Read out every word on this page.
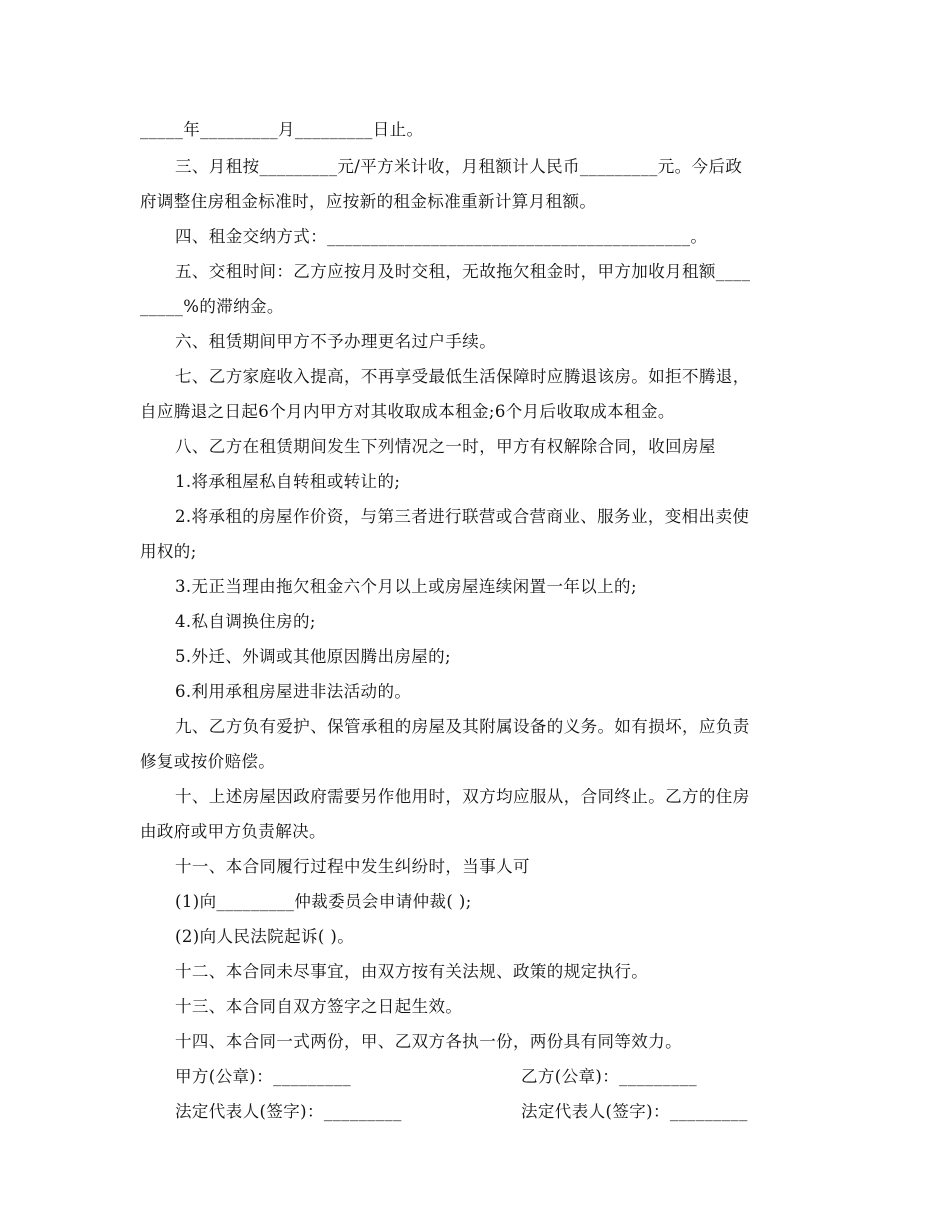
_____年_________月_________日止。
三、月租按_________元/平方米计收，月租额计人民币_________元。今后政
府调整住房租金标准时，应按新的租金标准重新计算月租额。
四、租金交纳方式：__________________________________________。
五、交租时间：乙方应按月及时交租，无故拖欠租金时，甲方加收月租额____
_____%的滞纳金。
六、租赁期间甲方不予办理更名过户手续。
七、乙方家庭收入提高，不再享受最低生活保障时应腾退该房。如拒不腾退，
自应腾退之日起6个月内甲方对其收取成本租金;6个月后收取成本租金。
八、乙方在租赁期间发生下列情况之一时，甲方有权解除合同，收回房屋
1.将承租屋私自转租或转让的;
2.将承租的房屋作价资，与第三者进行联营或合营商业、服务业，变相出卖使
用权的;
3.无正当理由拖欠租金六个月以上或房屋连续闲置一年以上的;
4.私自调换住房的;
5.外迁、外调或其他原因腾出房屋的;
6.利用承租房屋进非法活动的。
九、乙方负有爱护、保管承租的房屋及其附属设备的义务。如有损坏，应负责
修复或按价赔偿。
十、上述房屋因政府需要另作他用时，双方均应服从，合同终止。乙方的住房
由政府或甲方负责解决。
十一、本合同履行过程中发生纠纷时，当事人可
(1)向_________仲裁委员会申请仲裁( );
(2)向人民法院起诉( )。
十二、本合同未尽事宜，由双方按有关法规、政策的规定执行。
十三、本合同自双方签字之日起生效。
十四、本合同一式两份，甲、乙双方各执一份，两份具有同等效力。
甲方(公章)：_________	乙方(公章)：_________
法定代表人(签字)：_________	法定代表人(签字)：_________
